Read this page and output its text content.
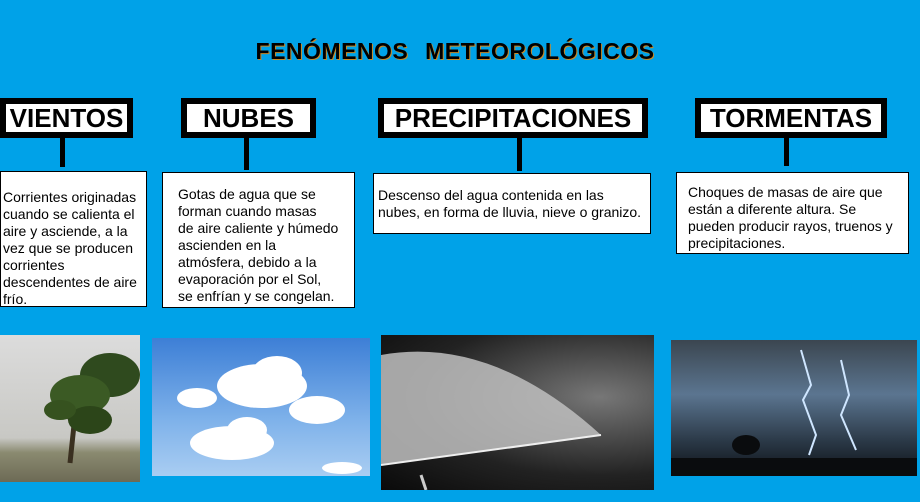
FENÓMENOS METEOROLÓGICOS
VIENTOS	NUBES	PRECIPITACIONES	TORMENTAS
Corrientes originadas
cuando se calienta el
aire y asciende, a la
vez que se producen
corrientes
descendentes de aire
frío.
Gotas de agua que se
forman cuando masas
de aire caliente y húmedo
ascienden en la
atmósfera, debido a la
evaporación por el Sol,
se enfrían y se congelan.
Descenso del agua contenida en las
nubes, en forma de lluvia, nieve o granizo.
Choques de masas de aire que
están a diferente altura. Se
pueden producir rayos, truenos y
precipitaciones.
